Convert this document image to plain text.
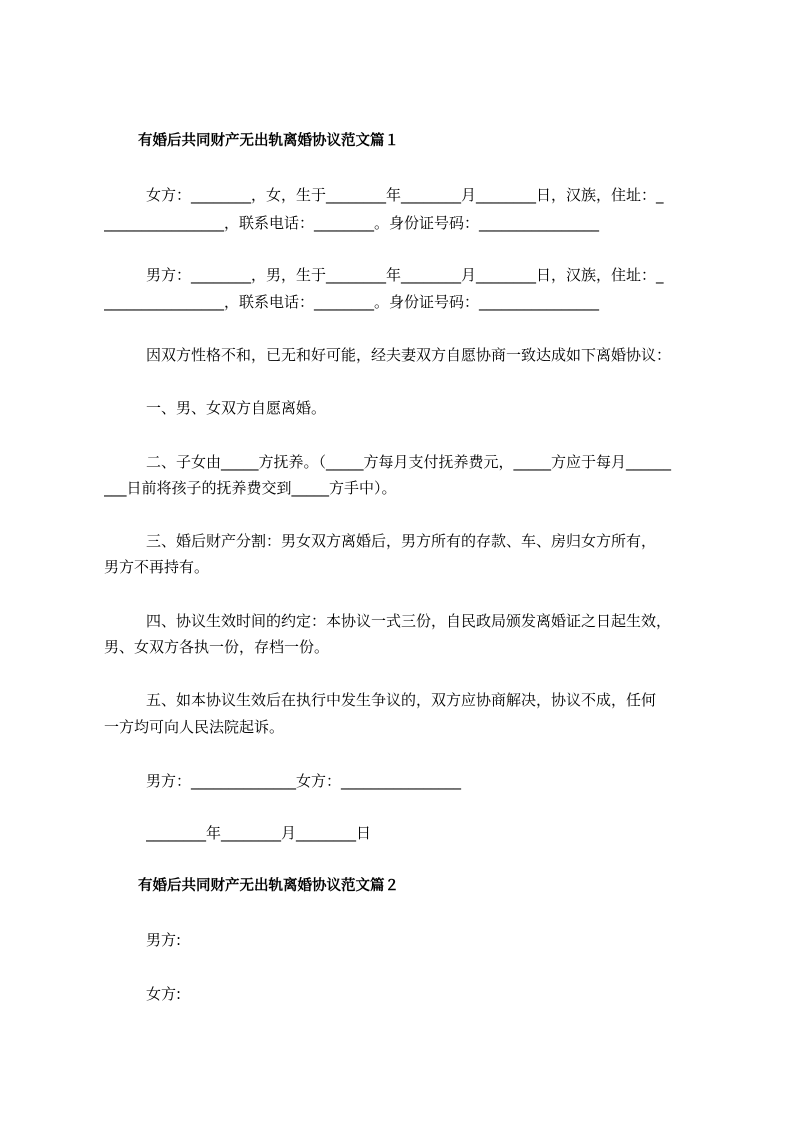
有婚后共同财产无出轨离婚协议范文篇１
女方：________，女，生于________年________月________日，汉族，住址：_
________________，联系电话：________。身份证号码：________________
男方：________，男，生于________年________月________日，汉族，住址：_
________________，联系电话：________。身份证号码：________________
因双方性格不和，已无和好可能，经夫妻双方自愿协商一致达成如下离婚协议：
一、男、女双方自愿离婚。
二、子女由_____方抚养。（_____方每月支付抚养费元，_____方应于每月______
___日前将孩子的抚养费交到_____方手中）。
三、婚后财产分割：男女双方离婚后，男方所有的存款、车、房归女方所有，
男方不再持有。
四、协议生效时间的约定：本协议一式三份，自民政局颁发离婚证之日起生效，
男、女双方各执一份，存档一份。
五、如本协议生效后在执行中发生争议的，双方应协商解决，协议不成，任何
一方均可向人民法院起诉。
男方：______________女方：________________
________年________月________日
有婚后共同财产无出轨离婚协议范文篇２
男方:
女方:
